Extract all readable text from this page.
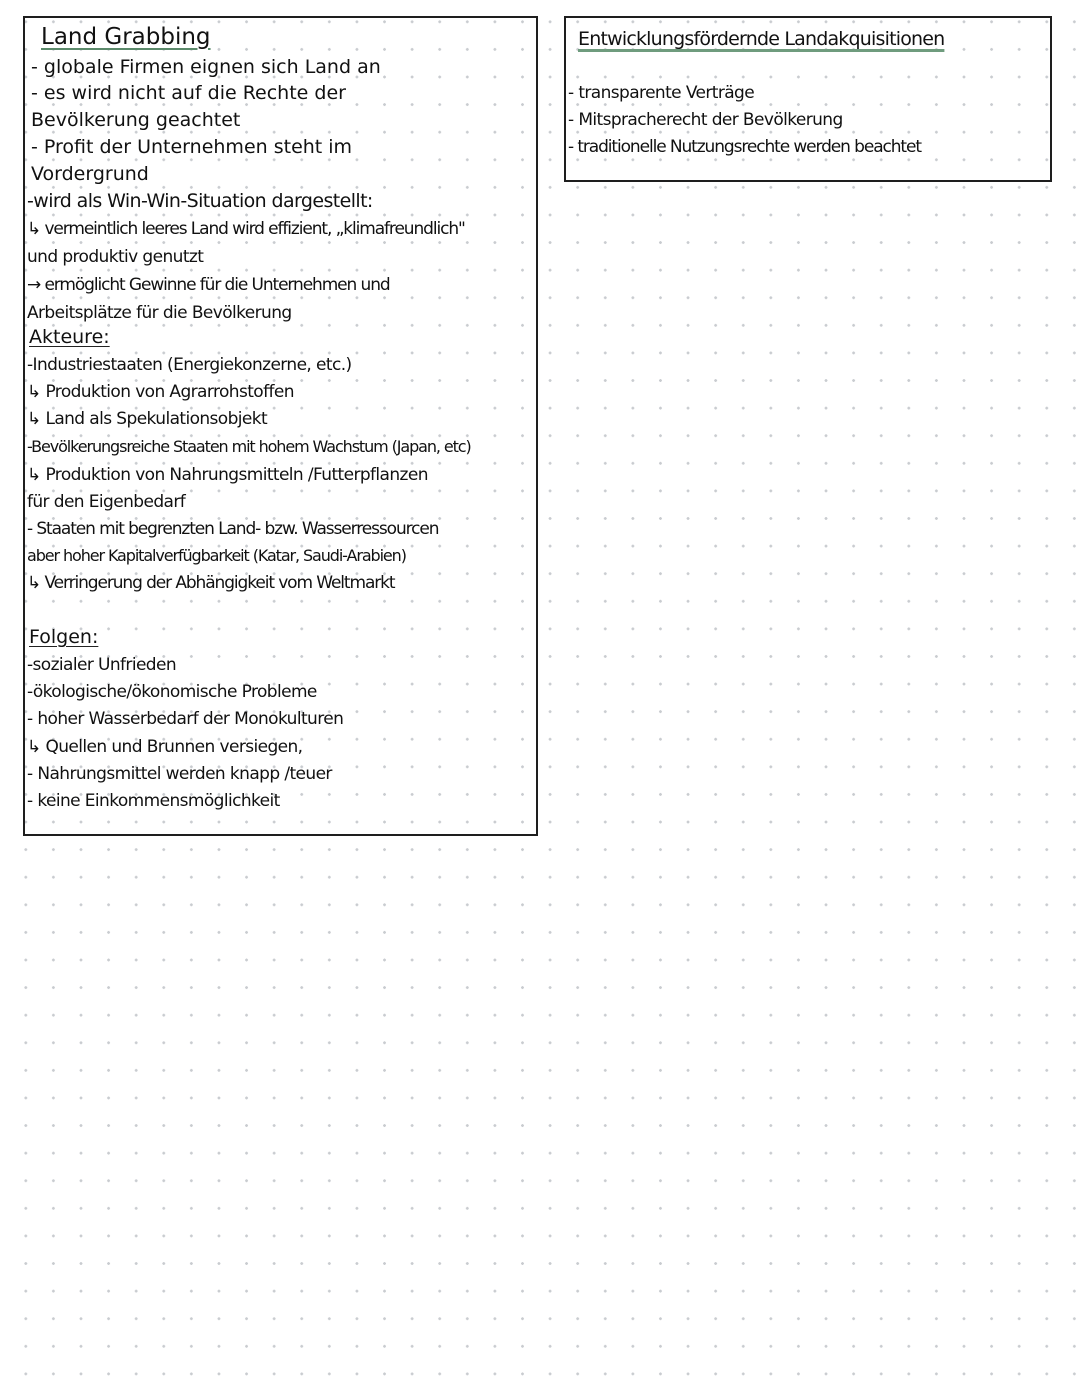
Land Grabbing
- globale Firmen eignen sich Land an
- es wird nicht auf die Rechte der
Bevölkerung geachtet
- Profit der Unternehmen steht im
Vordergrund
-wird als Win-Win-Situation dargestellt:
↳ vermeintlich leeres Land wird effizient, „klimafreundlich"
und produktiv genutzt
→ ermöglicht Gewinne für die Unternehmen und
Arbeitsplätze für die Bevölkerung
Akteure:
-Industriestaaten (Energiekonzerne, etc.)
↳ Produktion von Agrarrohstoffen
↳ Land als Spekulationsobjekt
-Bevölkerungsreiche Staaten mit hohem Wachstum (Japan, etc)
↳ Produktion von Nahrungsmitteln /Futterpflanzen
für den Eigenbedarf
- Staaten mit begrenzten Land- bzw. Wasserressourcen
aber hoher Kapitalverfügbarkeit (Katar, Saudi-Arabien)
↳ Verringerung der Abhängigkeit vom Weltmarkt
Folgen:
-sozialer Unfrieden
-ökologische/ökonomische Probleme
- hoher Wasserbedarf der Monokulturen
↳ Quellen und Brunnen versiegen,
- Nahrungsmittel werden knapp /teuer
- keine Einkommensmöglichkeit
Entwicklungsfördernde Landakquisitionen
- transparente Verträge
- Mitspracherecht der Bevölkerung
- traditionelle Nutzungsrechte werden beachtet
